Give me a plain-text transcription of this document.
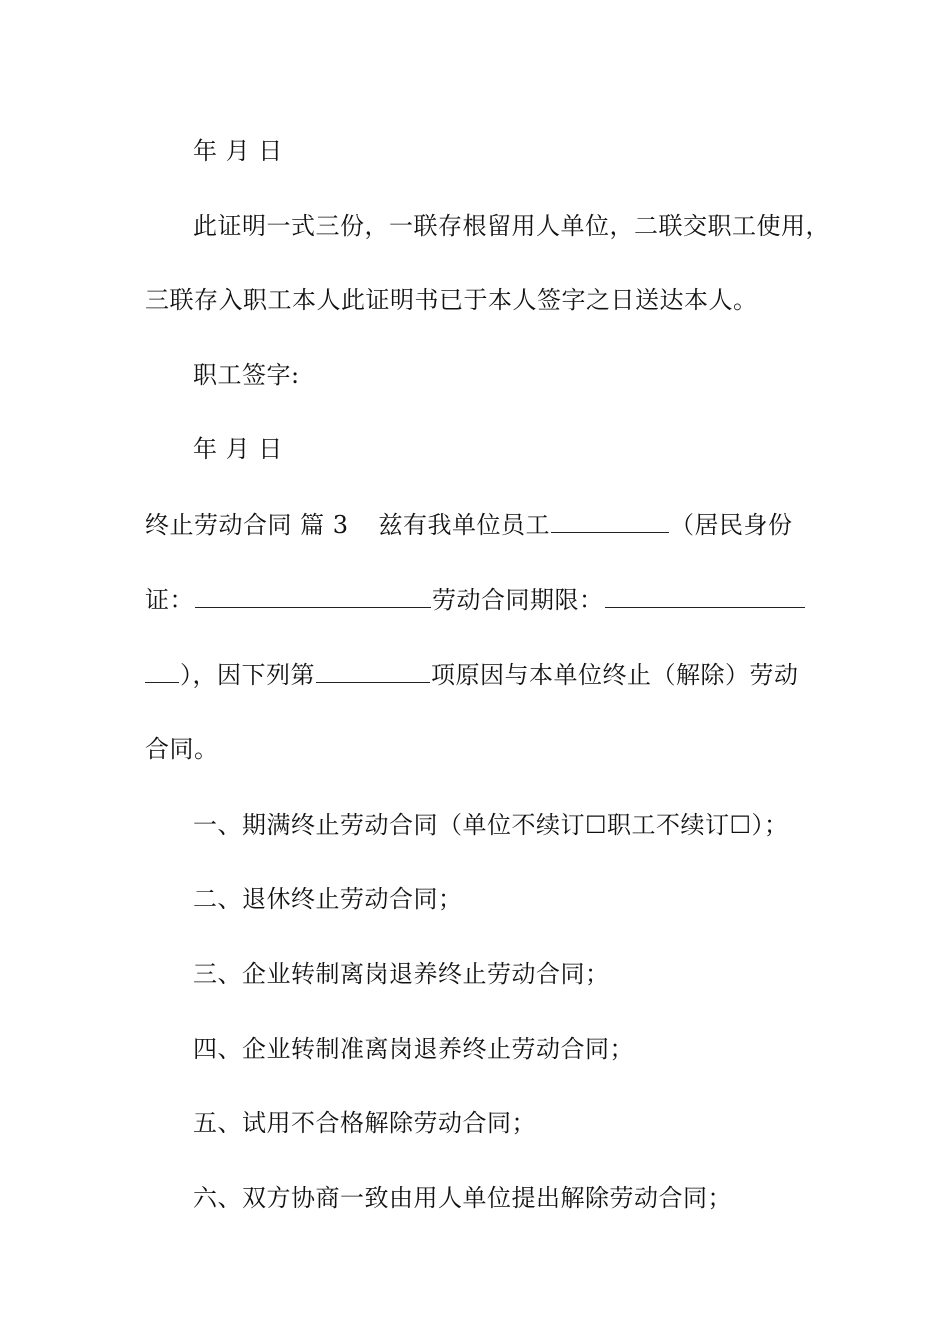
年 月 日
此证明一式三份，一联存根留用人单位，二联交职工使用，
三联存入职工本人此证明书已于本人签字之日送达本人。
职工签字:
年 月 日
终止劳动合同 篇 3 兹有我单位员工	（居民身份
证：	劳动合同期限：
），因下列第	项原因与本单位终止（解除）劳动
合同。
一、期满终止劳动合同（单位不续订☐职工不续订☐）；
二、退休终止劳动合同；
三、企业转制离岗退养终止劳动合同；
四、企业转制准离岗退养终止劳动合同；
五、试用不合格解除劳动合同；
六、双方协商一致由用人单位提出解除劳动合同；
